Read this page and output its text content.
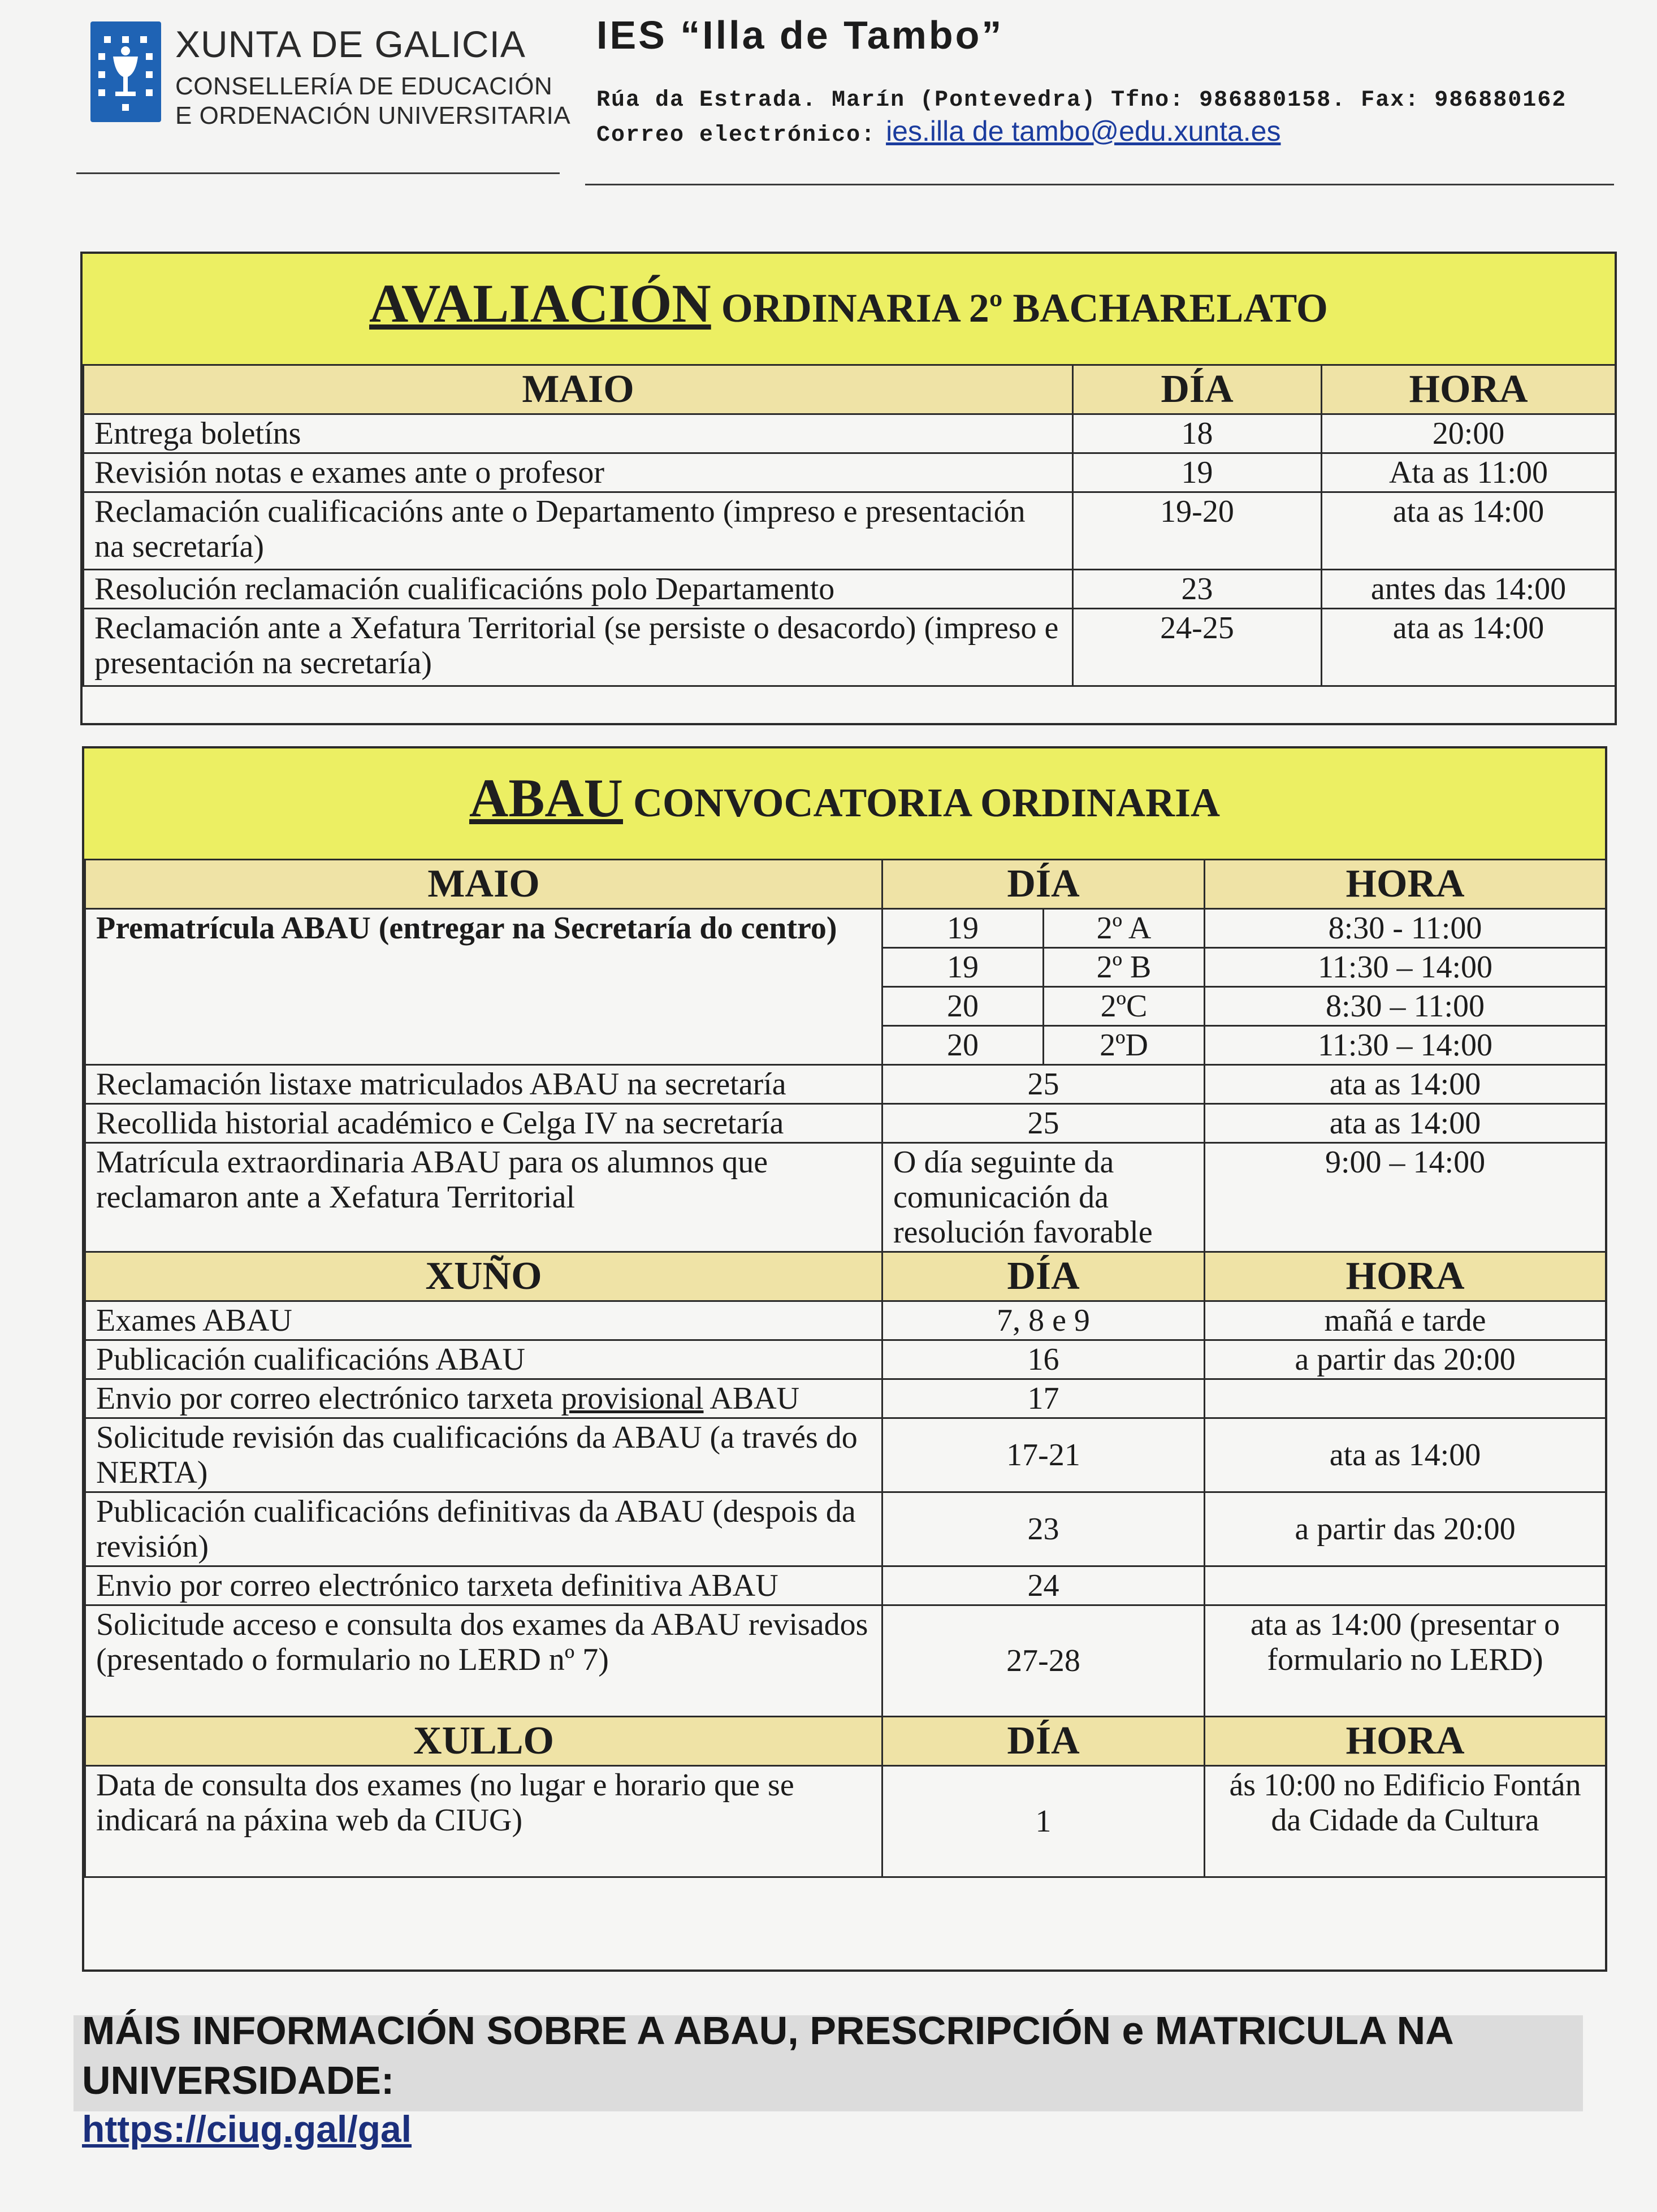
XUNTA DE GALICIA
CONSELLERÍA DE EDUCACIÓN
E ORDENACIÓN UNIVERSITARIA
IES “Illa de Tambo”
Rúa da Estrada. Marín (Pontevedra) Tfno: 986880158. Fax: 986880162
Correo electrónico: ies.illa de tambo@edu.xunta.es
AVALIACIÓN ORDINARIA 2º BACHARELATO
MAIO	DÍA	HORA
Entrega boletíns	18	20:00
Revisión notas e exames ante o profesor	19	Ata as 11:00
Reclamación cualificacións ante o Departamento (impreso e presentación na secretaría)	19-20	ata as 14:00
Resolución reclamación cualificacións polo Departamento	23	antes das 14:00
Reclamación ante a Xefatura Territorial (se persiste o desacordo) (impreso e presentación na secretaría)	24-25	ata as 14:00
ABAU CONVOCATORIA ORDINARIA
MAIO	DÍA		HORA
Prematrícula ABAU (entregar na Secretaría do centro)	19	2º A	8:30 - 11:00
	19	2º B	11:30 – 14:00
	20	2ºC	8:30 – 11:00
	20	2ºD	11:30 – 14:00
Reclamación listaxe matriculados ABAU na secretaría	25		ata as 14:00
Recollida historial académico e Celga IV na secretaría	25		ata as 14:00
Matrícula extraordinaria ABAU para os alumnos que reclamaron ante a Xefatura Territorial	O día seguinte da comunicación da resolución favorable		9:00 – 14:00
XUÑO	DÍA		HORA
Exames ABAU	7, 8 e 9		mañá e tarde
Publicación cualificacións ABAU	16		a partir das 20:00
Envio por correo electrónico tarxeta provisional ABAU	17		
Solicitude revisión das cualificacións da ABAU (a través do NERTA)	17-21		ata as 14:00
Publicación cualificacións definitivas da ABAU (despois da revisión)	23		a partir das 20:00
Envio por correo electrónico tarxeta definitiva ABAU	24		
Solicitude acceso e consulta dos exames da ABAU revisados (presentado o formulario no LERD nº 7)	27-28		ata as 14:00 (presentar o formulario no LERD)
XULLO	DÍA		HORA
Data de consulta dos exames (no lugar e horario que se indicará na páxina web da CIUG)	1		ás 10:00 no Edificio Fontán da Cidade da Cultura
MÁIS INFORMACIÓN SOBRE A ABAU, PRESCRIPCIÓN e MATRICULA NA UNIVERSIDADE:
https://ciug.gal/gal
